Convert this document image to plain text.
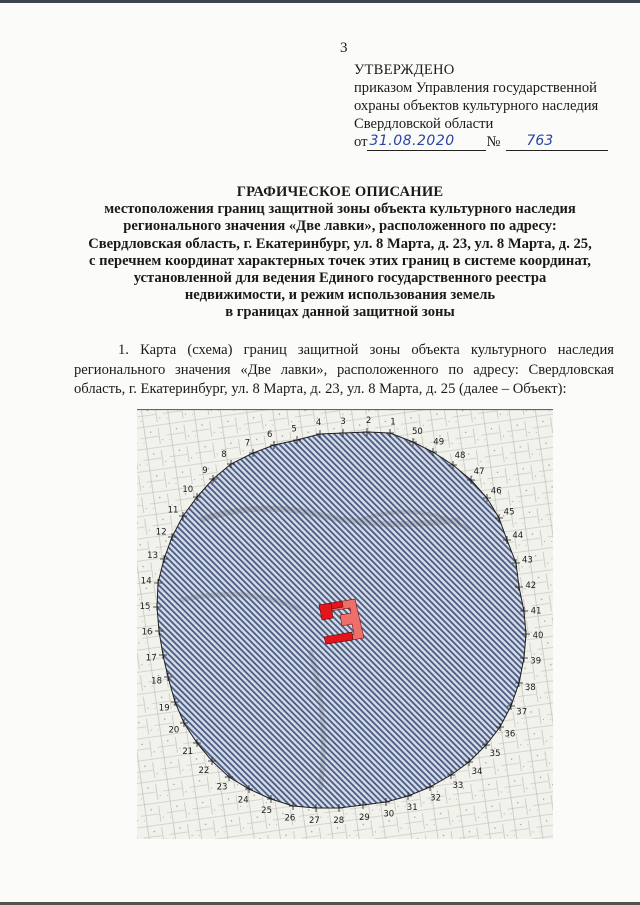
3
УТВЕРЖДЕНО
приказом Управления государственной
охраны объектов культурного наследия
Свердловской области
от 31.08.2020	№	763
ГРАФИЧЕСКОЕ ОПИСАНИЕ
местоположения границ защитной зоны объекта культурного наследия
регионального значения «Две лавки», расположенного по адресу:
Свердловская область, г. Екатеринбург, ул. 8 Марта, д. 23, ул. 8 Марта, д. 25,
с перечнем координат характерных точек этих границ в системе координат,
установленной для ведения Единого государственного реестра
недвижимости, и режим использования земель
в границах данной защитной зоны
1. Карта (схема) границ защитной зоны объекта культурного наследия
регионального значения «Две лавки», расположенного по адресу: Свердловская
область, г. Екатеринбург, ул. 8 Марта, д. 23, ул. 8 Марта, д. 25 (далее – Объект):
1
2
3
4
5
6
7
8
9
10
11
12
13
14
15
16
17
18
19
20
21
22
23
24
25
26 27 28 29 30
31
32
33
34
35
36
37
38
39
40
41
42
43
44
45
46
47
48
49
50
